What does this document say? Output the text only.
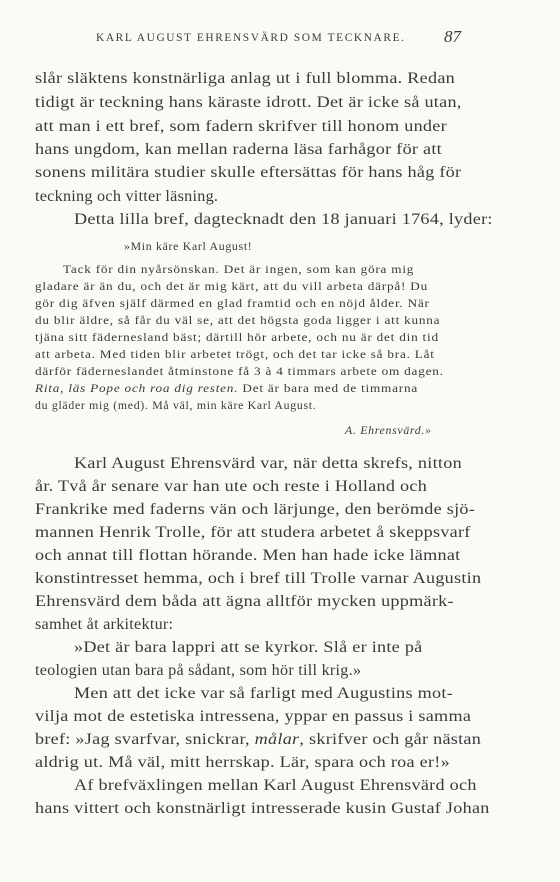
KARL AUGUST EHRENSVÄRD SOM TECKNARE.	87

slår släktens konstnärliga anlag ut i full blomma. Redan

tidigt är teckning hans käraste idrott. Det är icke så utan,

att man i ett bref, som fadern skrifver till honom under

hans ungdom, kan mellan raderna läsa farhågor för att

sonens militära studier skulle eftersättas för hans håg för

teckning och vitter läsning.

Detta lilla bref, dagtecknadt den 18 januari 1764, lyder:

»Min käre Karl August!

Tack för din nyårsönskan. Det är ingen, som kan göra mig

gladare är än du, och det är mig kärt, att du vill arbeta därpå! Du

gör dig äfven själf därmed en glad framtid och en nöjd ålder. När

du blir äldre, så får du väl se, att det högsta goda ligger i att kunna

tjäna sitt fädernesland bäst; därtill hör arbete, och nu är det din tid

att arbeta. Med tiden blir arbetet trögt, och det tar icke så bra. Låt

därför fäderneslandet åtminstone få 3 à 4 timmars arbete om dagen.

Rita, läs Pope och roa dig resten. Det är bara med de timmarna

du gläder mig (med). Må väl, min käre Karl August.

A. Ehrensvärd.»

Karl August Ehrensvärd var, när detta skrefs, nitton

år. Två år senare var han ute och reste i Holland och

Frankrike med faderns vän och lärjunge, den berömde sjö-

mannen Henrik Trolle, för att studera arbetet å skeppsvarf

och annat till flottan hörande. Men han hade icke lämnat

konstintresset hemma, och i bref till Trolle varnar Augustin

Ehrensvärd dem båda att ägna alltför mycken uppmärk-

samhet åt arkitektur:

»Det är bara lappri att se kyrkor. Slå er inte på

teologien utan bara på sådant, som hör till krig.»

Men att det icke var så farligt med Augustins mot-

vilja mot de estetiska intressena, yppar en passus i samma

bref: »Jag svarfvar, snickrar, målar, skrifver och går nästan

aldrig ut. Må väl, mitt herrskap. Lär, spara och roa er!»

Af brefväxlingen mellan Karl August Ehrensvärd och

hans vittert och konstnärligt intresserade kusin Gustaf Johan
